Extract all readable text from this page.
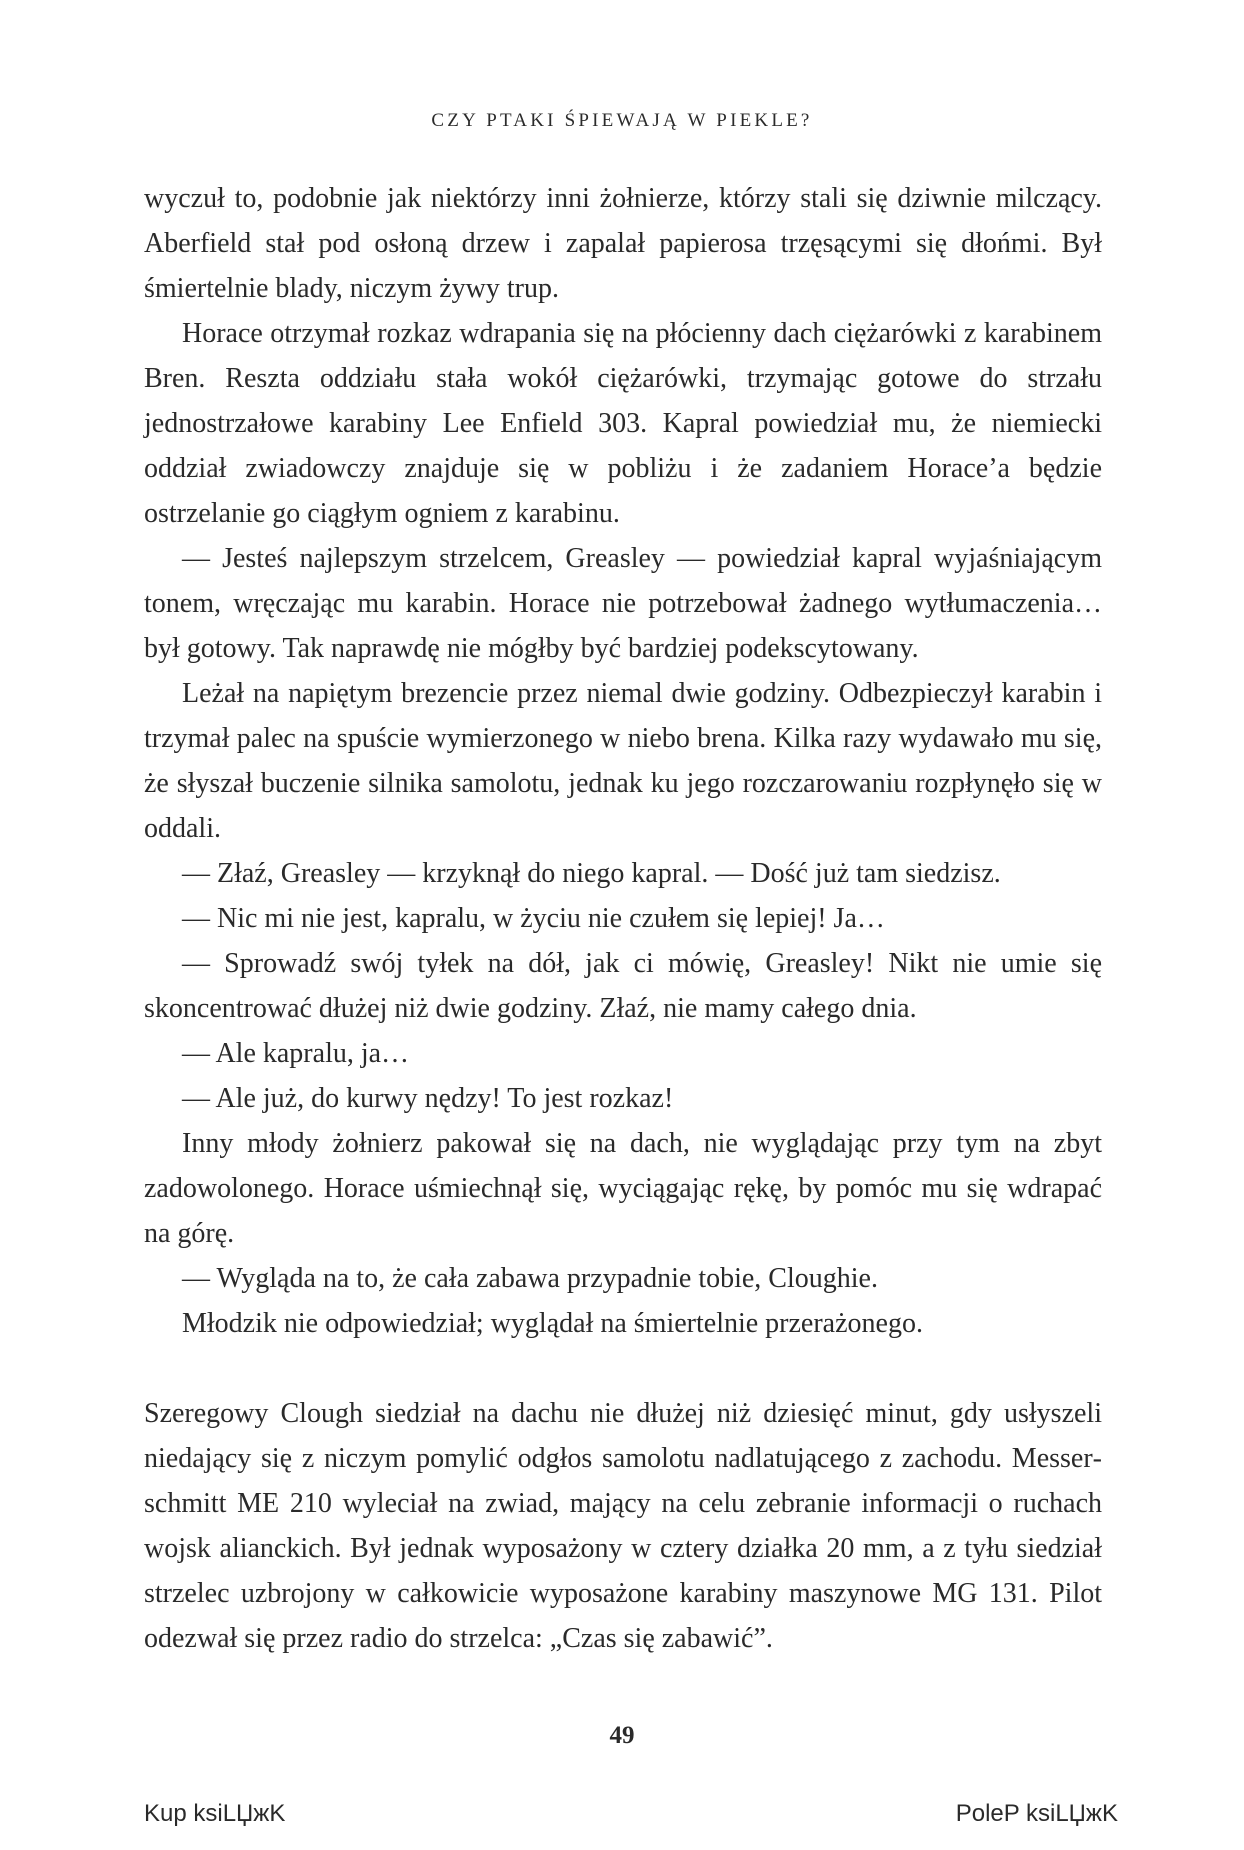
CZY PTAKI ŚPIEWAJĄ W PIEKLE?

wyczuł to, podobnie jak niektórzy inni żołnierze, którzy stali się dziwnie milczący. Aberfield stał pod osłoną drzew i zapalał papierosa trzęsącymi się dłońmi. Był śmiertelnie blady, niczym żywy trup.

Horace otrzymał rozkaz wdrapania się na płócienny dach ciężarówki z karabinem Bren. Reszta oddziału stała wokół ciężarówki, trzymając gotowe do strzału jednostrzałowe karabiny Lee Enfield 303. Kapral powiedział mu, że niemiecki oddział zwiadowczy znajduje się w pobliżu i że zadaniem Horace’a będzie ostrzelanie go ciągłym ogniem z karabinu.

— Jesteś najlepszym strzelcem, Greasley — powiedział kapral wyjaśniającym tonem, wręczając mu karabin. Horace nie potrzebował żadnego wytłumaczenia… był gotowy. Tak naprawdę nie mógłby być bardziej podekscytowany.

Leżał na napiętym brezencie przez niemal dwie godziny. Odbezpieczył karabin i trzymał palec na spuście wymierzonego w niebo brena. Kilka razy wydawało mu się, że słyszał buczenie silnika samolotu, jednak ku jego rozczarowaniu rozpłynęło się w oddali.

— Złaź, Greasley — krzyknął do niego kapral. — Dość już tam siedzisz.

— Nic mi nie jest, kapralu, w życiu nie czułem się lepiej! Ja…

— Sprowadź swój tyłek na dół, jak ci mówię, Greasley! Nikt nie umie się skoncentrować dłużej niż dwie godziny. Złaź, nie mamy całego dnia.

— Ale kapralu, ja…

— Ale już, do kurwy nędzy! To jest rozkaz!

Inny młody żołnierz pakował się na dach, nie wyglądając przy tym na zbyt zadowolonego. Horace uśmiechnął się, wyciągając rękę, by pomóc mu się wdrapać na górę.

— Wygląda na to, że cała zabawa przypadnie tobie, Cloughie.

Młodzik nie odpowiedział; wyglądał na śmiertelnie przerażonego.

Szeregowy Clough siedział na dachu nie dłużej niż dziesięć minut, gdy usłyszeli niedający się z niczym pomylić odgłos samolotu nadlatującego z zachodu. Messerschmitt ME 210 wyleciał na zwiad, mający na celu zebranie informacji o ruchach wojsk alianckich. Był jednak wyposażony w cztery działka 20 mm, a z tyłu siedział strzelec uzbrojony w całkowicie wyposażone karabiny maszynowe MG 131. Pilot odezwał się przez radio do strzelca: „Czas się zabawić”.

49
Kup ksiLЏжK	PoleP ksiLЏжK
